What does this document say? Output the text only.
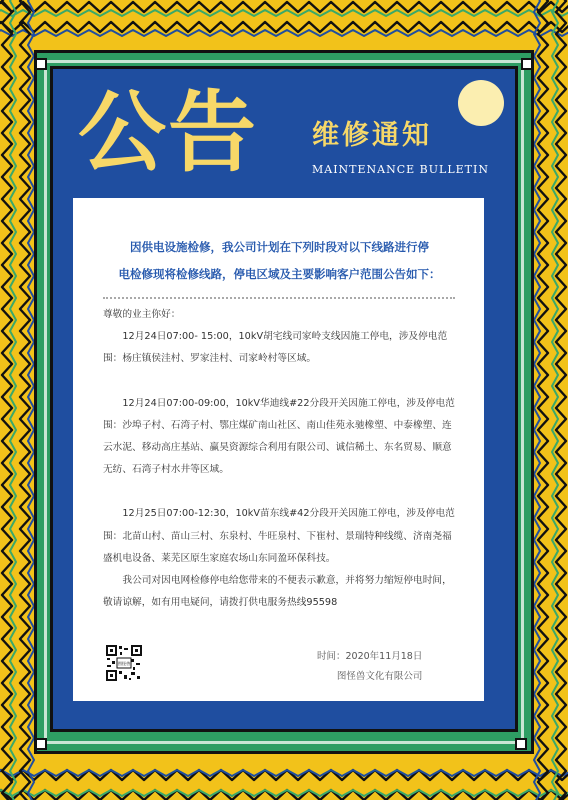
公告 维修通知
MAINTENANCE BULLETIN

因供电设施检修，我公司计划在下列时段对以下线路进行停

电检修现将检修线路，停电区域及主要影响客户范围公告如下：

尊敬的业主你好：

12月24日07:00- 15:00，10kV胡宅线司家岭支线因施工停电，涉及停电范围：杨庄镇侯洼村、罗家洼村、司家岭村等区域。

12月24日07:00-09:00，10kV华迪线#22分段开关因施工停电，涉及停电范围：沙埠子村、石湾子村、鄂庄煤矿南山社区、南山佳苑永驰橡塑、中泰橡塑、连云水泥、移动高庄基站、赢昊资源综合利用有限公司、诚信稀土、东名贸易、顺意无纺、石湾子村水井等区域。

12月25日07:00-12:30，10kV苗东线#42分段开关因施工停电，涉及停电范围：北苗山村、苗山三村、东泉村、牛旺泉村、下崔村、景瑞特种线缆、济南尧福盛机电设备、莱芜区原生家庭农场山东同盈环保科技。

我公司对因电网检修停电给您带来的不便表示歉意，并将努力缩短停电时间，敬请谅解，如有用电疑问，请拨打供电服务热线95598

图怪兽
时间：2020年11月18日
图怪兽文化有限公司
